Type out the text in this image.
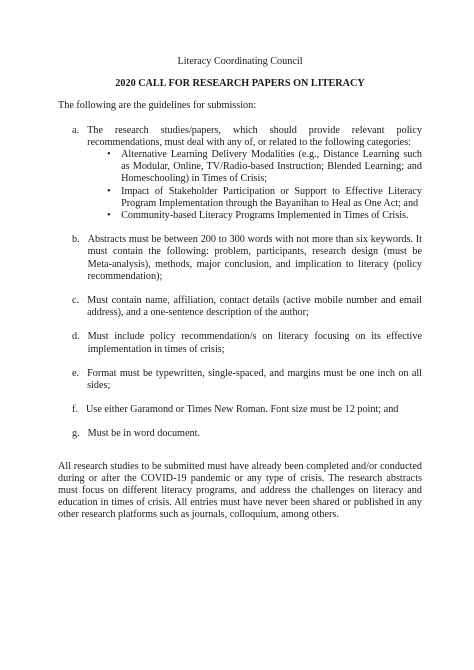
Literacy Coordinating Council
2020 CALL FOR RESEARCH PAPERS ON LITERACY
The following are the guidelines for submission:
a. The research studies/papers, which should provide relevant policy recommendations, must deal with any of, or related to the following categories:
•	Alternative Learning Delivery Modalities (e.g., Distance Learning such as Modular, Online, TV/Radio-based Instruction; Blended Learning; and Homeschooling) in Times of Crisis;
•	Impact of Stakeholder Participation or Support to Effective Literacy Program Implementation through the Bayanihan to Heal as One Act; and
•	Community-based Literacy Programs Implemented in Times of Crisis.
b. Abstracts must be between 200 to 300 words with not more than six keywords. It must contain the following: problem, participants, research design (must be Meta-analysis), methods, major conclusion, and implication to literacy (policy recommendation);
c. Must contain name, affiliation, contact details (active mobile number and email address), and a one-sentence description of the author;
d. Must include policy recommendation/s on literacy focusing on its effective implementation in times of crisis;
e. Format must be typewritten, single-spaced, and margins must be one inch on all sides;
f. Use either Garamond or Times New Roman. Font size must be 12 point; and
g. Must be in word document.
All research studies to be submitted must have already been completed and/or conducted during or after the COVID-19 pandemic or any type of crisis. The research abstracts must focus on different literacy programs, and address the challenges on literacy and education in times of crisis. All entries must have never been shared or published in any other research platforms such as journals, colloquium, among others.
